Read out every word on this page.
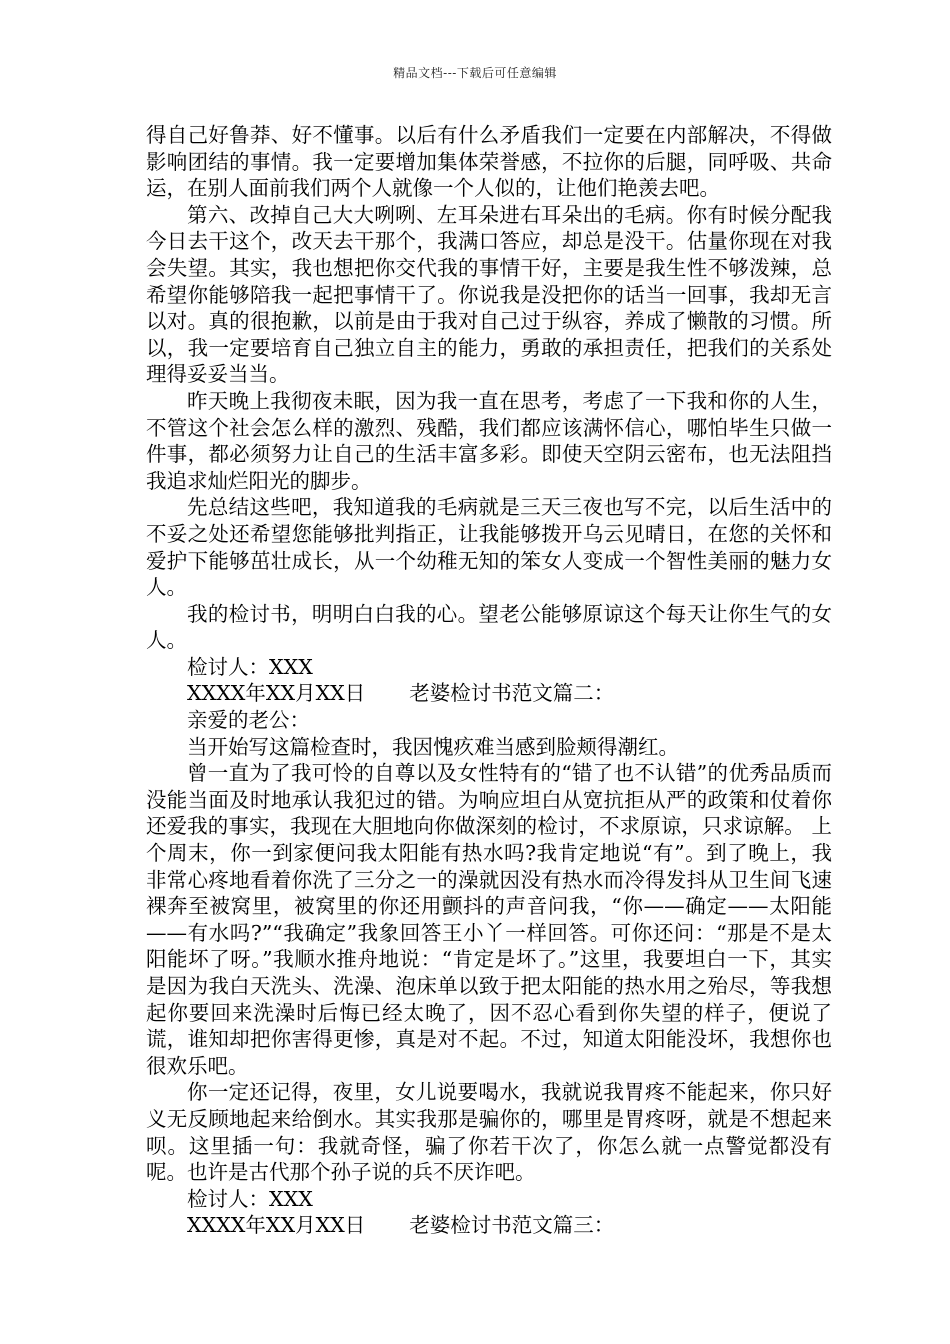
精品文档---下载后可任意编辑

得自己好鲁莽、好不懂事。以后有什么矛盾我们一定要在内部解决，不得做影响团结的事情。我一定要增加集体荣誉感，不拉你的后腿，同呼吸、共命运，在别人面前我们两个人就像一个人似的，让他们艳羡去吧。

第六、改掉自己大大咧咧、左耳朵进右耳朵出的毛病。你有时候分配我今日去干这个，改天去干那个，我满口答应，却总是没干。估量你现在对我会失望。其实，我也想把你交代我的事情干好，主要是我生性不够泼辣，总希望你能够陪我一起把事情干了。你说我是没把你的话当一回事，我却无言以对。真的很抱歉，以前是由于我对自己过于纵容，养成了懒散的习惯。所以，我一定要培育自己独立自主的能力，勇敢的承担责任，把我们的关系处理得妥妥当当。

昨天晚上我彻夜未眠，因为我一直在思考，考虑了一下我和你的人生，不管这个社会怎么样的激烈、残酷，我们都应该满怀信心，哪怕毕生只做一件事，都必须努力让自己的生活丰富多彩。即使天空阴云密布，也无法阻挡我追求灿烂阳光的脚步。

先总结这些吧，我知道我的毛病就是三天三夜也写不完，以后生活中的不妥之处还希望您能够批判指正，让我能够拨开乌云见晴日，在您的关怀和爱护下能够茁壮成长，从一个幼稚无知的笨女人变成一个智性美丽的魅力女人。

我的检讨书，明明白白我的心。望老公能够原谅这个每天让你生气的女人。

检讨人：XXX

XXXX年XX月XX日 老婆检讨书范文篇二：

亲爱的老公：

当开始写这篇检查时，我因愧疚难当感到脸颊得潮红。

曾一直为了我可怜的自尊以及女性特有的“错了也不认错”的优秀品质而没能当面及时地承认我犯过的错。为响应坦白从宽抗拒从严的政策和仗着你还爱我的事实，我现在大胆地向你做深刻的检讨，不求原谅，只求谅解。 上个周末，你一到家便问我太阳能有热水吗?我肯定地说“有”。到了晚上，我非常心疼地看着你洗了三分之一的澡就因没有热水而冷得发抖从卫生间飞速裸奔至被窝里，被窝里的你还用颤抖的声音问我，“你——确定——太阳能——有水吗?”“我确定”我象回答王小丫一样回答。可你还问：“那是不是太阳能坏了呀。”我顺水推舟地说：“肯定是坏了。”这里，我要坦白一下，其实是因为我白天洗头、洗澡、泡床单以致于把太阳能的热水用之殆尽，等我想起你要回来洗澡时后悔已经太晚了，因不忍心看到你失望的样子，便说了谎，谁知却把你害得更惨，真是对不起。不过，知道太阳能没坏，我想你也很欢乐吧。

你一定还记得，夜里，女儿说要喝水，我就说我胃疼不能起来，你只好义无反顾地起来给倒水。其实我那是骗你的，哪里是胃疼呀，就是不想起来呗。这里插一句：我就奇怪，骗了你若干次了，你怎么就一点警觉都没有呢。也许是古代那个孙子说的兵不厌诈吧。

检讨人：XXX

XXXX年XX月XX日 老婆检讨书范文篇三：
